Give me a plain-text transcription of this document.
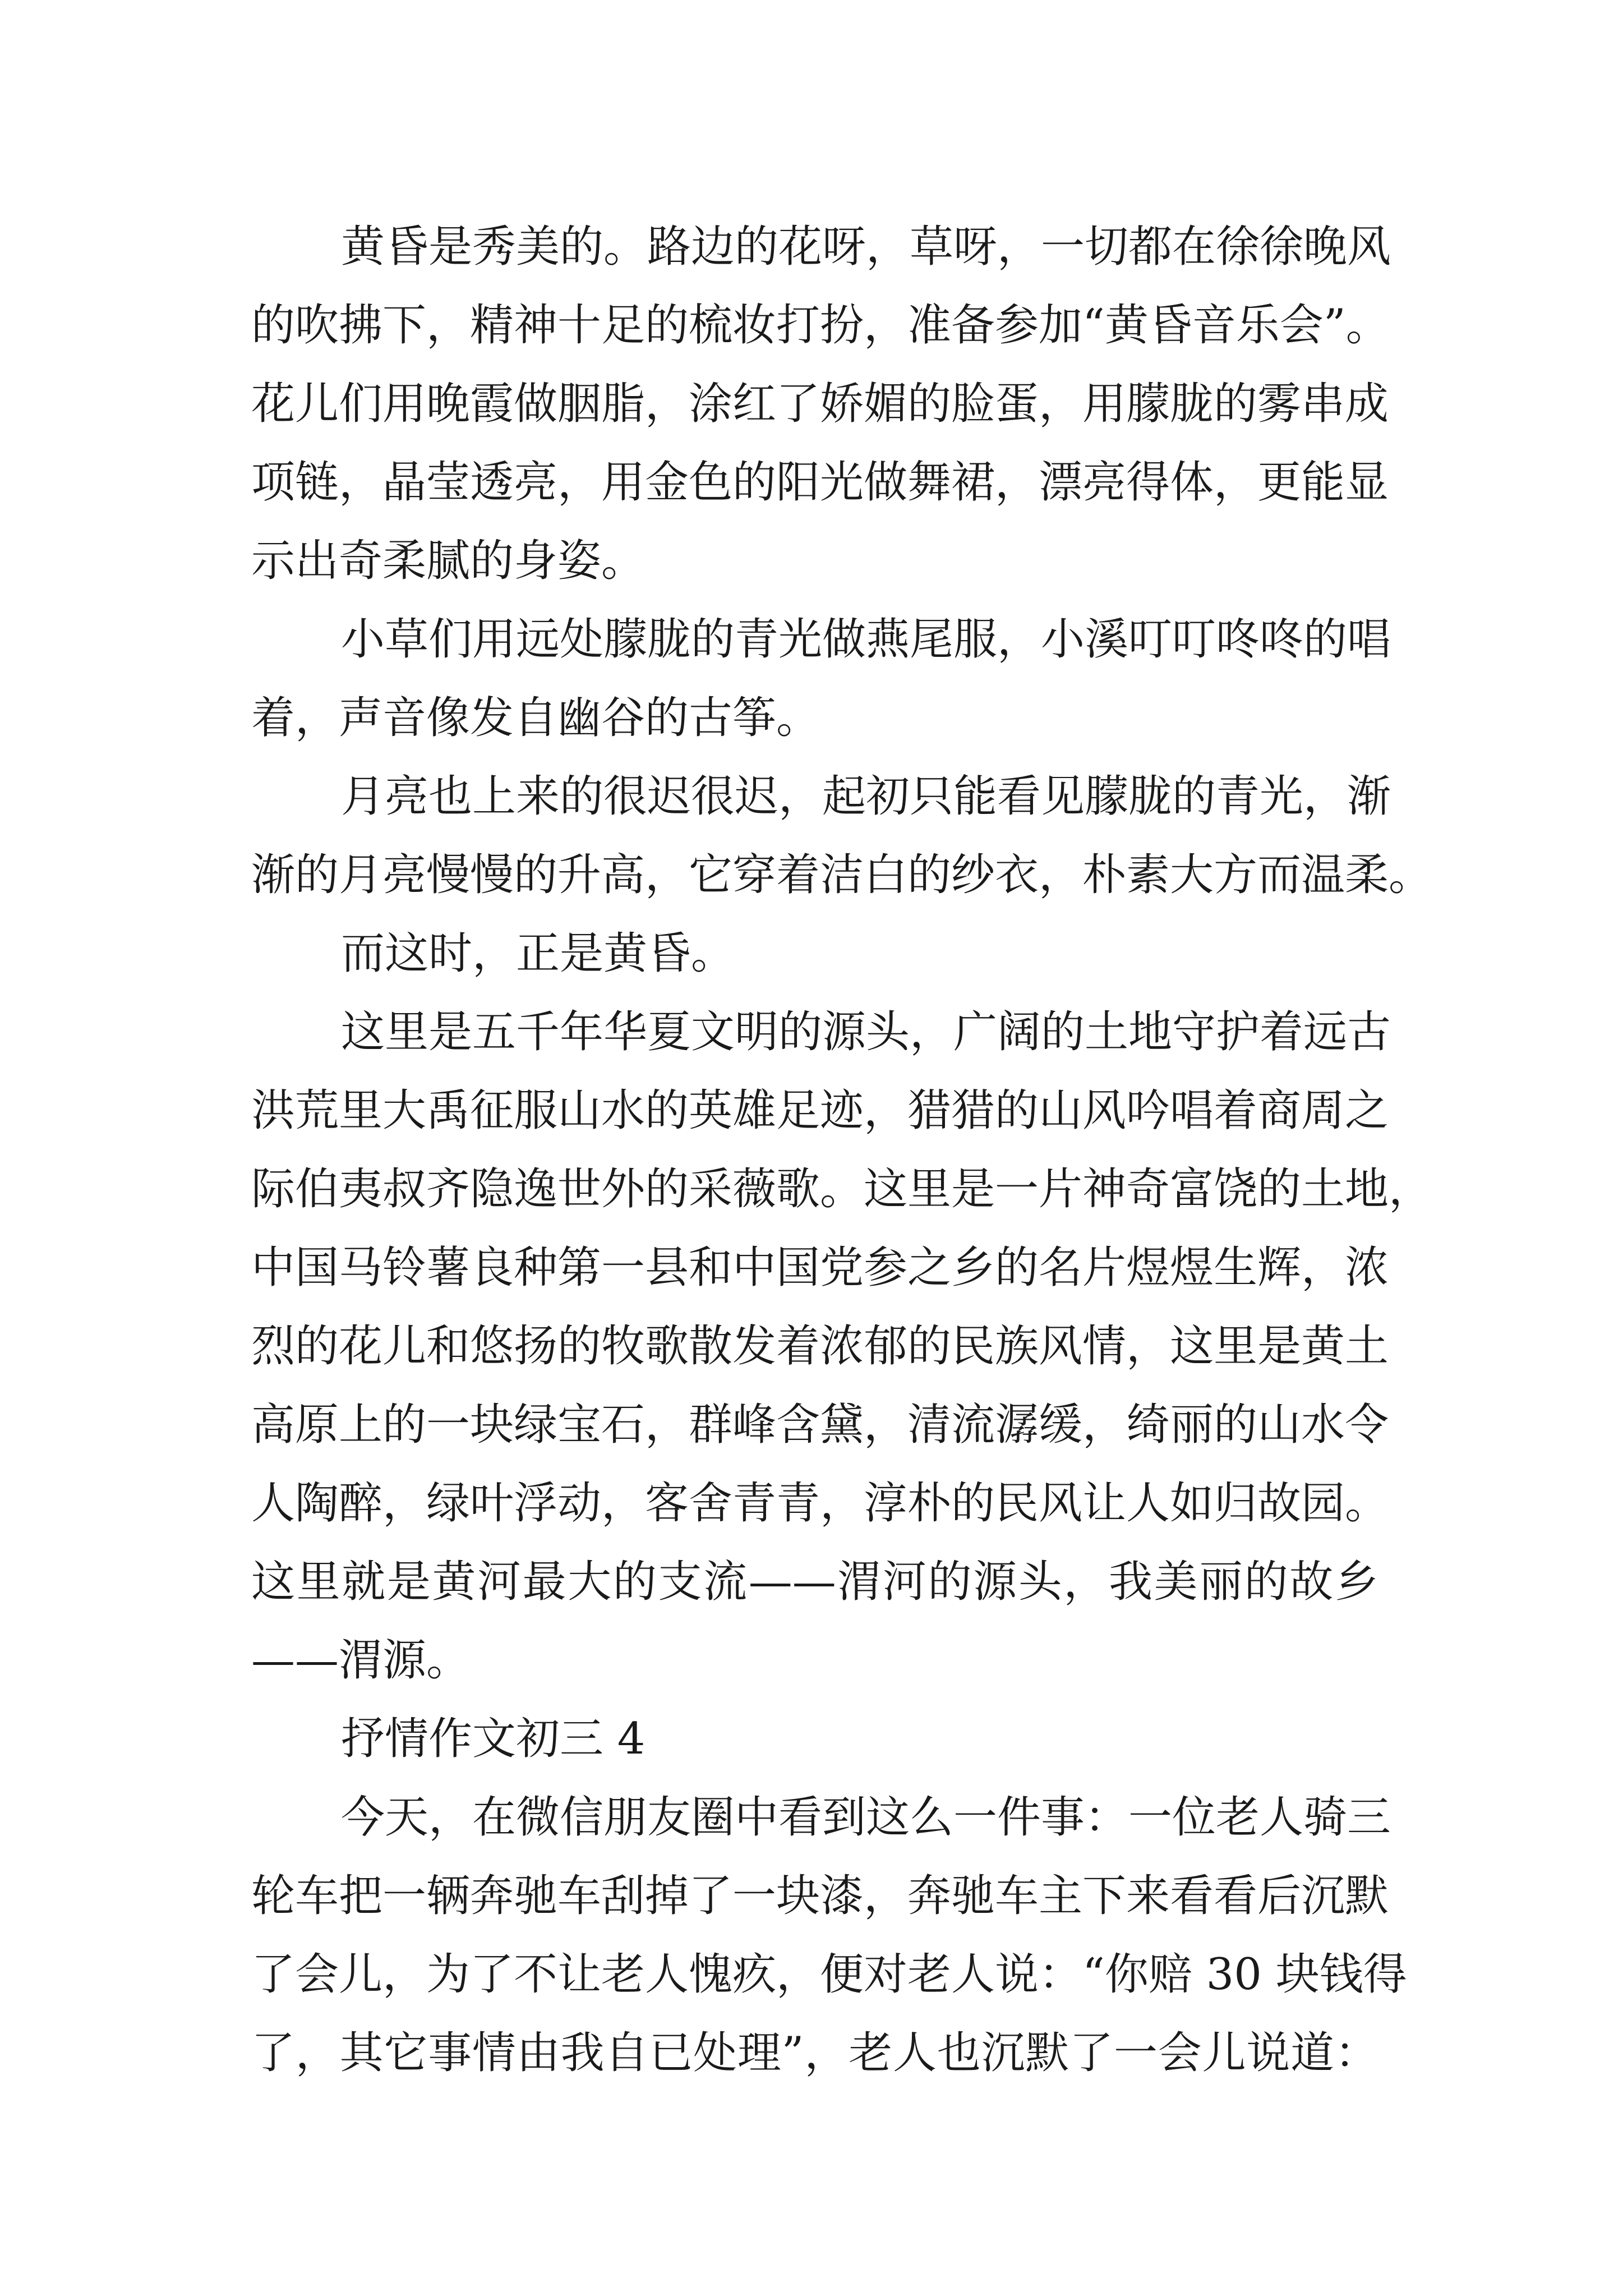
黄昏是秀美的。路边的花呀，草呀，一切都在徐徐晚风
的吹拂下，精神十足的梳妆打扮，准备参加“黄昏音乐会”。
花儿们用晚霞做胭脂，涂红了娇媚的脸蛋，用朦胧的雾串成
项链，晶莹透亮，用金色的阳光做舞裙，漂亮得体，更能显
示出奇柔腻的身姿。
小草们用远处朦胧的青光做燕尾服，小溪叮叮咚咚的唱
着，声音像发自幽谷的古筝。
月亮也上来的很迟很迟，起初只能看见朦胧的青光，渐
渐的月亮慢慢的升高，它穿着洁白的纱衣，朴素大方而温柔。
而这时，正是黄昏。
这里是五千年华夏文明的源头，广阔的土地守护着远古
洪荒里大禹征服山水的英雄足迹，猎猎的山风吟唱着商周之
际伯夷叔齐隐逸世外的采薇歌。这里是一片神奇富饶的土地，
中国马铃薯良种第一县和中国党参之乡的名片煜煜生辉，浓
烈的花儿和悠扬的牧歌散发着浓郁的民族风情，这里是黄土
高原上的一块绿宝石，群峰含黛，清流潺缓，绮丽的山水令
人陶醉，绿叶浮动，客舍青青，淳朴的民风让人如归故园。
这里就是黄河最大的支流——渭河的源头，我美丽的故乡
——渭源。
抒情作文初三 4
今天，在微信朋友圈中看到这么一件事：一位老人骑三
轮车把一辆奔驰车刮掉了一块漆，奔驰车主下来看看后沉默
了会儿，为了不让老人愧疚，便对老人说：“你赔 30 块钱得
了，其它事情由我自已处理”，老人也沉默了一会儿说道：
